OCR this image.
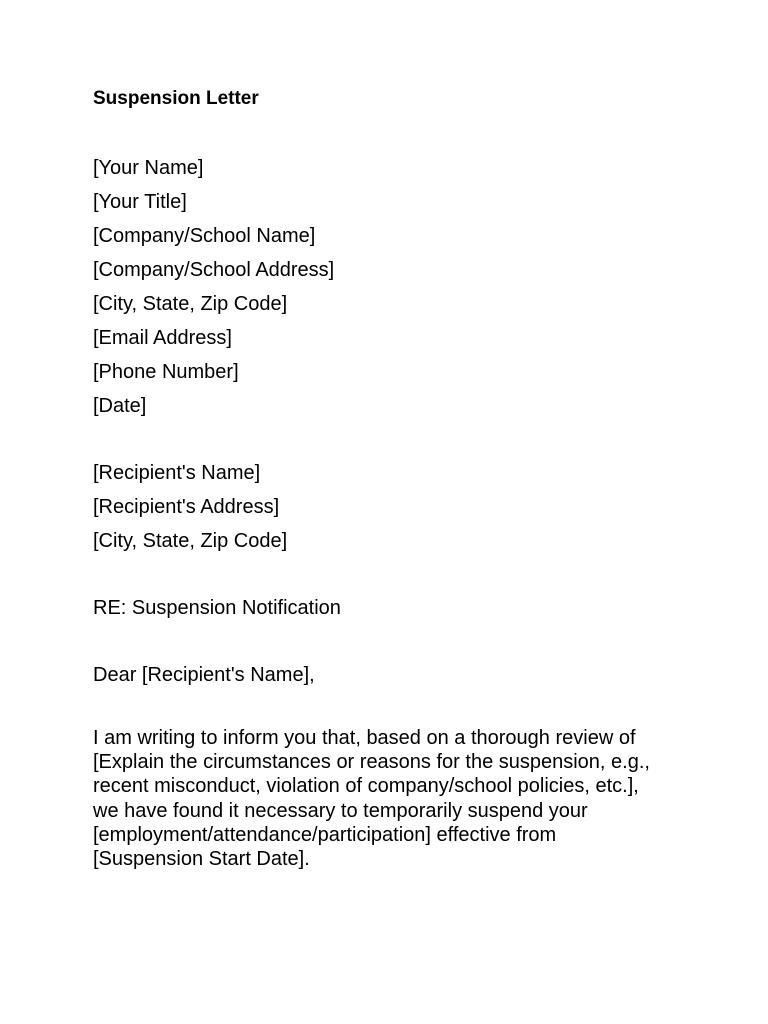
Suspension Letter
[Your Name]
[Your Title]
[Company/School Name]
[Company/School Address]
[City, State, Zip Code]
[Email Address]
[Phone Number]
[Date]
[Recipient's Name]
[Recipient's Address]
[City, State, Zip Code]
RE: Suspension Notification
Dear [Recipient's Name],
I am writing to inform you that, based on a thorough review of
[Explain the circumstances or reasons for the suspension, e.g.,
recent misconduct, violation of company/school policies, etc.],
we have found it necessary to temporarily suspend your
[employment/attendance/participation] effective from
[Suspension Start Date].
